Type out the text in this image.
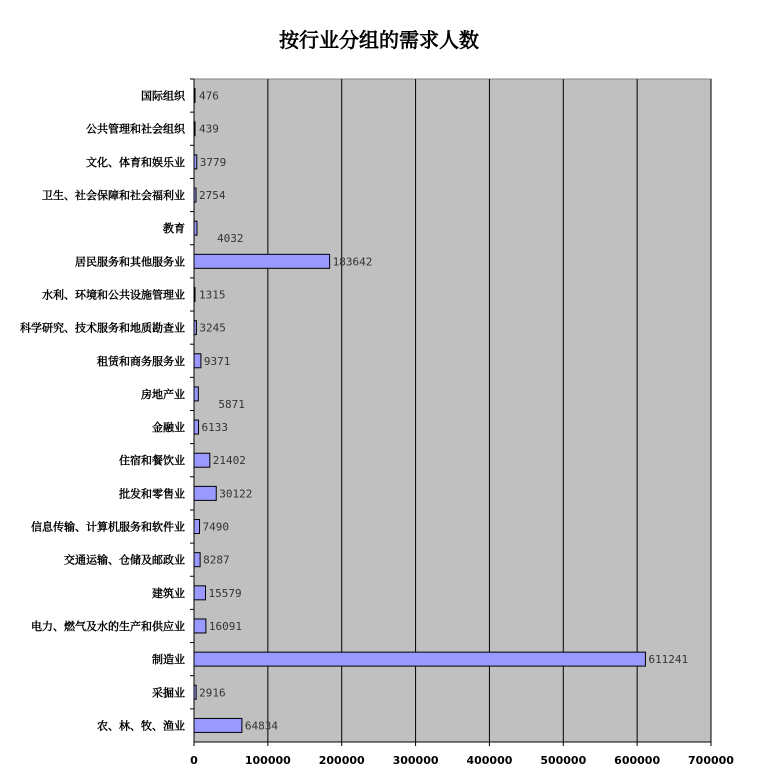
按行业分组的需求人数
0	100000	200000	300000	400000	500000	600000	700000
国际组织 476
公共管理和社会组织 439
文化、体育和娱乐业 3779
卫生、社会保障和社会福利业 2754
教育
4032
居民服务和其他服务业	183642
水利、环境和公共设施管理业 1315
科学研究、技术服务和地质勘查业 3245
租赁和商务服务业 9371
房地产业
5871
金融业 6133
住宿和餐饮业	21402
批发和零售业	30122
信息传输、计算机服务和软件业 7490
交通运输、仓储及邮政业 8287
建筑业 15579
电力、燃气及水的生产和供应业 16091
制造业	611241
采掘业 2916
农、林、牧、渔业	64834
